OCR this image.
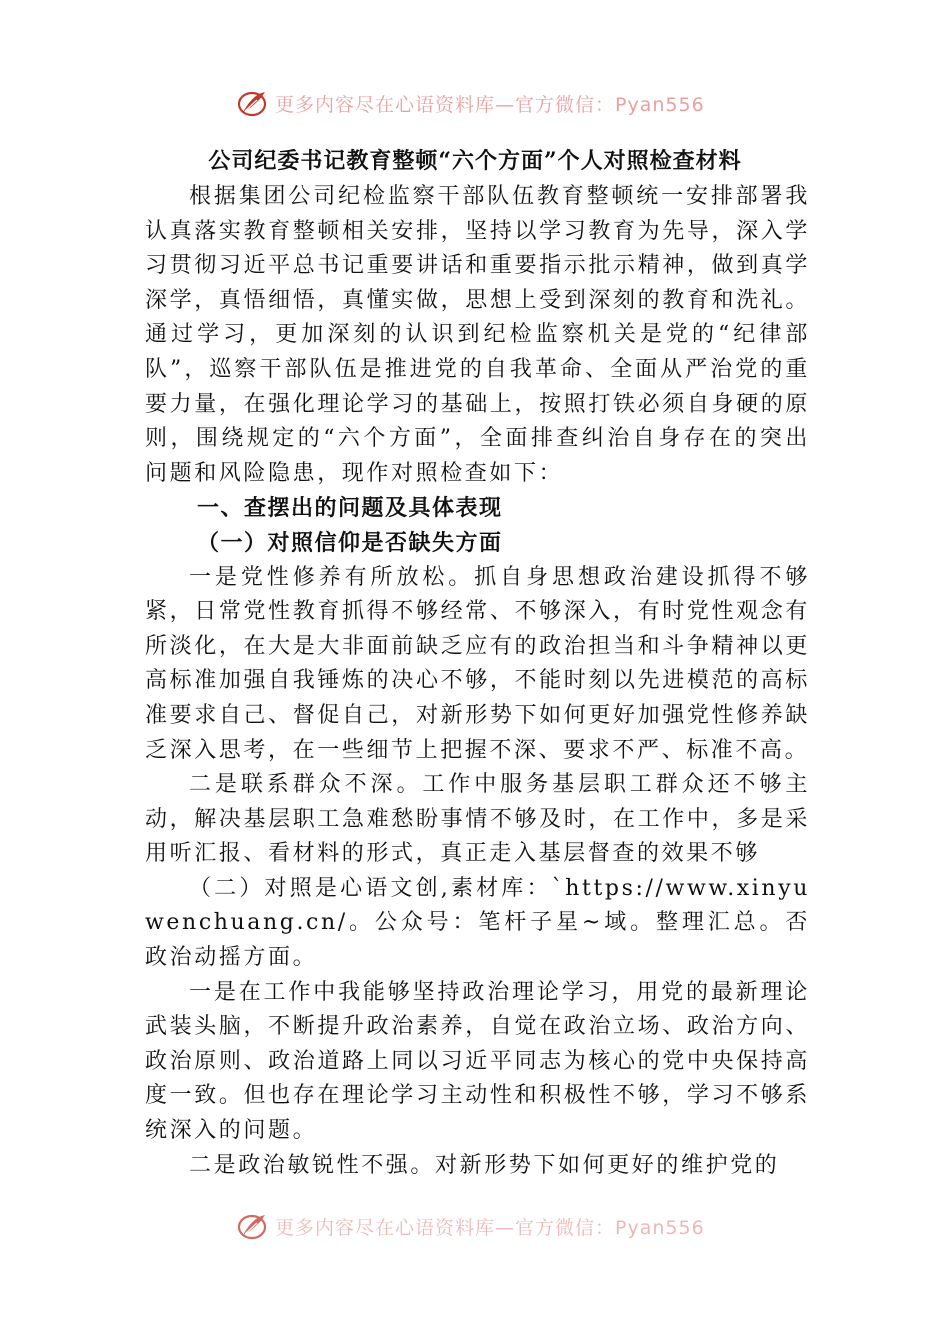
更多内容尽在心语资料库—官方微信：Pyan556
公司纪委书记教育整顿“六个方面”个人对照检查材料

根据集团公司纪检监察干部队伍教育整顿统一安排部署我认真落实教育整顿相关安排，坚持以学习教育为先导，深入学习贯彻习近平总书记重要讲话和重要指示批示精神，做到真学深学，真悟细悟，真懂实做，思想上受到深刻的教育和洗礼。通过学习，更加深刻的认识到纪检监察机关是党的“纪律部队”，巡察干部队伍是推进党的自我革命、全面从严治党的重要力量，在强化理论学习的基础上，按照打铁必须自身硬的原则，围绕规定的“六个方面”，全面排查纠治自身存在的突出问题和风险隐患，现作对照检查如下：

一、查摆出的问题及具体表现
（一）对照信仰是否缺失方面

一是党性修养有所放松。抓自身思想政治建设抓得不够紧，日常党性教育抓得不够经常、不够深入，有时党性观念有所淡化，在大是大非面前缺乏应有的政治担当和斗争精神以更高标准加强自我锤炼的决心不够，不能时刻以先进模范的高标准要求自己、督促自己，对新形势下如何更好加强党性修养缺乏深入思考，在一些细节上把握不深、要求不严、标准不高。

二是联系群众不深。工作中服务基层职工群众还不够主动，解决基层职工急难愁盼事情不够及时，在工作中，多是采用听汇报、看材料的形式，真正走入基层督查的效果不够

（二）对照是心语文创,素材库：`https://www.xinyuwenchuang.cn/。公众号：笔杆子星~域。整理汇总。否政治动摇方面。

一是在工作中我能够坚持政治理论学习，用党的最新理论武装头脑，不断提升政治素养，自觉在政治立场、政治方向、政治原则、政治道路上同以习近平同志为核心的党中央保持高度一致。但也存在理论学习主动性和积极性不够，学习不够系统深入的问题。

二是政治敏锐性不强。对新形势下如何更好的维护党的

更多内容尽在心语资料库—官方微信：Pyan556
